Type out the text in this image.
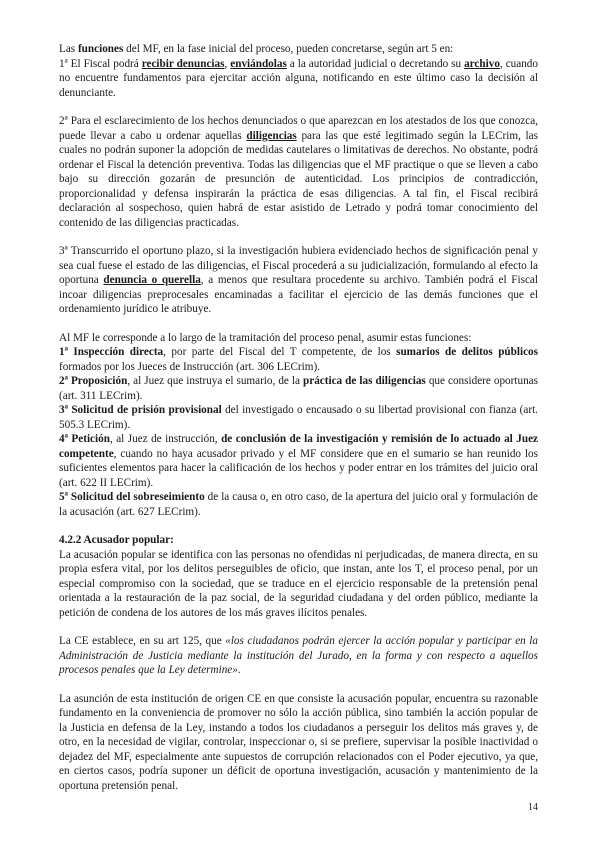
Las funciones del MF, en la fase inicial del proceso, pueden concretarse, según art 5 en:

1ª El Fiscal podrá recibir denuncias, enviándolas a la autoridad judicial o decretando su archivo, cuando no encuentre fundamentos para ejercitar acción alguna, notificando en este último caso la decisión al denunciante.

2ª Para el esclarecimiento de los hechos denunciados o que aparezcan en los atestados de los que conozca, puede llevar a cabo u ordenar aquellas diligencias para las que esté legitimado según la LECrim, las cuales no podrán suponer la adopción de medidas cautelares o limitativas de derechos. No obstante, podrá ordenar el Fiscal la detención preventiva. Todas las diligencias que el MF practique o que se lleven a cabo bajo su dirección gozarán de presunción de autenticidad. Los principios de contradicción, proporcionalidad y defensa inspirarán la práctica de esas diligencias. A tal fin, el Fiscal recibirá declaración al sospechoso, quien habrá de estar asistido de Letrado y podrá tomar conocimiento del contenido de las diligencias practicadas.

3ª Transcurrido el oportuno plazo, si la investigación hubiera evidenciado hechos de significación penal y sea cual fuese el estado de las diligencias, el Fiscal procederá a su judicialización, formulando al efecto la oportuna denuncia o querella, a menos que resultara procedente su archivo. También podrá el Fiscal incoar diligencias preprocesales encaminadas a facilitar el ejercicio de las demás funciones que el ordenamiento jurídico le atribuye.

Al MF le corresponde a lo largo de la tramitación del proceso penal, asumir estas funciones:

1ª Inspección directa, por parte del Fiscal del T competente, de los sumarios de delitos públicos formados por los Jueces de Instrucción (art. 306 LECrim).

2ª Proposición, al Juez que instruya el sumario, de la práctica de las diligencias que considere oportunas (art. 311 LECrim).

3ª Solicitud de prisión provisional del investigado o encausado o su libertad provisional con fianza (art. 505.3 LECrim).

4ª Petición, al Juez de instrucción, de conclusión de la investigación y remisión de lo actuado al Juez competente, cuando no haya acusador privado y el MF considere que en el sumario se han reunido los suficientes elementos para hacer la calificación de los hechos y poder entrar en los trámites del juicio oral (art. 622 II LECrim).

5ª Solicitud del sobreseimiento de la causa o, en otro caso, de la apertura del juicio oral y formulación de la acusación (art. 627 LECrim).

4.2.2 Acusador popular:

La acusación popular se identifica con las personas no ofendidas ni perjudicadas, de manera directa, en su propia esfera vital, por los delitos perseguibles de oficio, que instan, ante los T, el proceso penal, por un especial compromiso con la sociedad, que se traduce en el ejercicio responsable de la pretensión penal orientada a la restauración de la paz social, de la seguridad ciudadana y del orden público, mediante la petición de condena de los autores de los más graves ilícitos penales.

La CE establece, en su art 125, que «los ciudadanos podrán ejercer la acción popular y participar en la Administración de Justicia mediante la institución del Jurado, en la forma y con respecto a aquellos procesos penales que la Ley determine».

La asunción de esta institución de origen CE en que consiste la acusación popular, encuentra su razonable fundamento en la conveniencia de promover no sólo la acción pública, sino también la acción popular de la Justicia en defensa de la Ley, instando a todos los ciudadanos a perseguir los delitos más graves y, de otro, en la necesidad de vigilar, controlar, inspeccionar o, si se prefiere, supervisar la posible inactividad o dejadez del MF, especialmente ante supuestos de corrupción relacionados con el Poder ejecutivo, ya que, en ciertos casos, podría suponer un déficit de oportuna investigación, acusación y mantenimiento de la oportuna pretensión penal.

14
